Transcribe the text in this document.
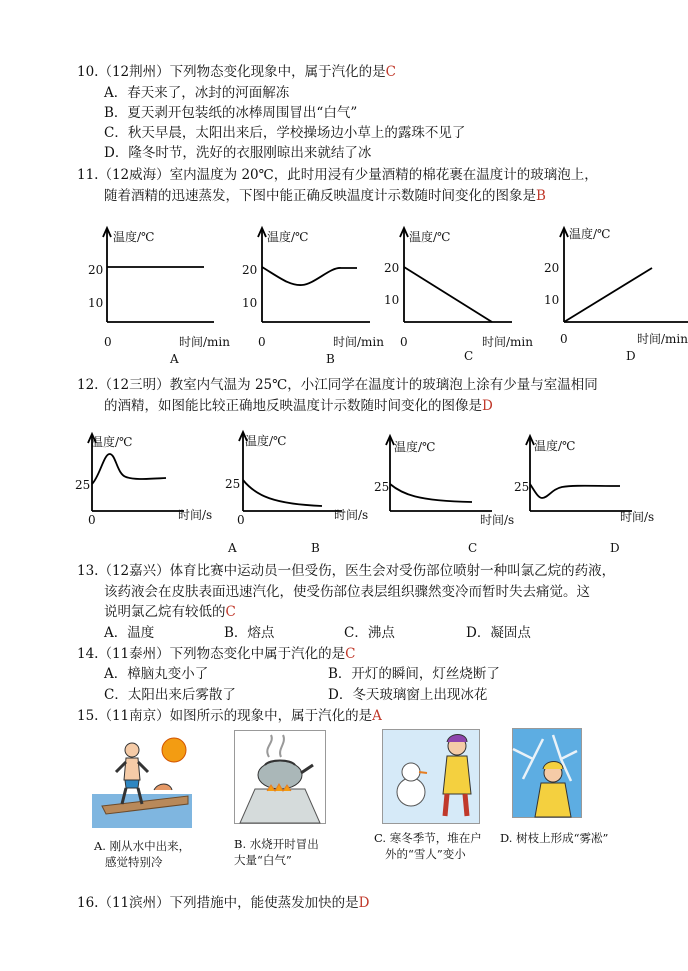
10.（12荆州）下列物态变化现象中，属于汽化的是C
A．春天来了，冰封的河面解冻
B．夏天剥开包装纸的冰棒周围冒出“白气”
C．秋天早晨，太阳出来后，学校操场边小草上的露珠不见了
D．隆冬时节，洗好的衣服刚晾出来就结了冰
11.（12威海）室内温度为 20℃，此时用浸有少量酒精的棉花裹在温度计的玻璃泡上，
随着酒精的迅速蒸发，下图中能正确反映温度计示数随时间变化的图象是B
温度/℃
20
10
0	时间/min
A
温度/℃
20
10
0	时间/min
B
温度/℃
20
10
0	时间/min
C
温度/℃
20
10
0	时间/min
D
12.（12三明）教室内气温为 25℃，小江同学在温度计的玻璃泡上涂有少量与室温相同
的酒精，如图能比较正确地反映温度计示数随时间变化的图像是D
温度/℃
25
0	时间/s
A
温度/℃
25
0	时间/s
B
温度/℃
25
时间/s
C
温度/℃
25
时间/s
D
13.（12嘉兴）体育比赛中运动员一但受伤，医生会对受伤部位喷射一种叫氯乙烷的药液，
该药液会在皮肤表面迅速汽化，使受伤部位表层组织骤然变冷而暂时失去痛觉。这
说明氯乙烷有较低的C
A．温度	B．熔点	C．沸点	D．凝固点
14.（11泰州）下列物态变化中属于汽化的是C
A．樟脑丸变小了	B．开灯的瞬间，灯丝烧断了
C．太阳出来后雾散了	D．冬天玻璃窗上出现冰花
15.（11南京）如图所示的现象中，属于汽化的是A
A. 刚从水中出来，
感觉特别冷
B. 水烧开时冒出
大量“白气”
C. 寒冬季节，堆在户
外的“雪人”变小
D. 树枝上形成“雾凇”
16.（11滨州）下列措施中，能使蒸发加快的是D
